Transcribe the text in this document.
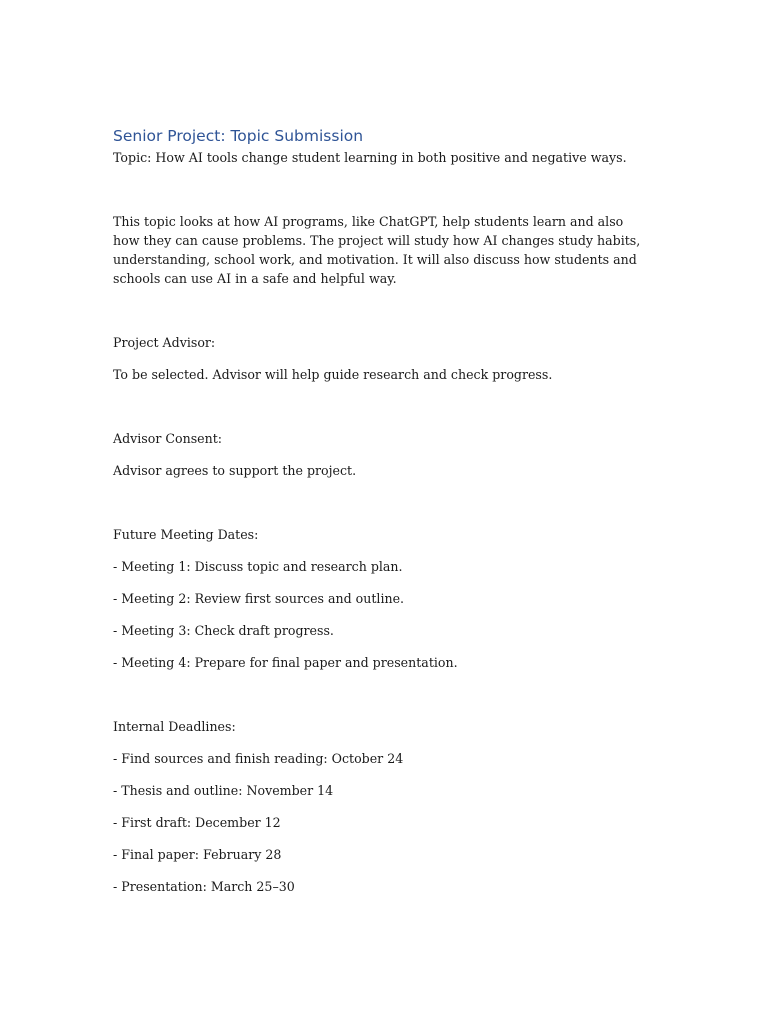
Senior Project: Topic Submission

Topic: How AI tools change student learning in both positive and negative ways.

This topic looks at how AI programs, like ChatGPT, help students learn and also how they can cause problems. The project will study how AI changes study habits, understanding, school work, and motivation. It will also discuss how students and schools can use AI in a safe and helpful way.

Project Advisor:

To be selected. Advisor will help guide research and check progress.

Advisor Consent:

Advisor agrees to support the project.

Future Meeting Dates:

- Meeting 1: Discuss topic and research plan.

- Meeting 2: Review first sources and outline.

- Meeting 3: Check draft progress.

- Meeting 4: Prepare for final paper and presentation.

Internal Deadlines:

- Find sources and finish reading: October 24

- Thesis and outline: November 14

- First draft: December 12

- Final paper: February 28

- Presentation: March 25–30
